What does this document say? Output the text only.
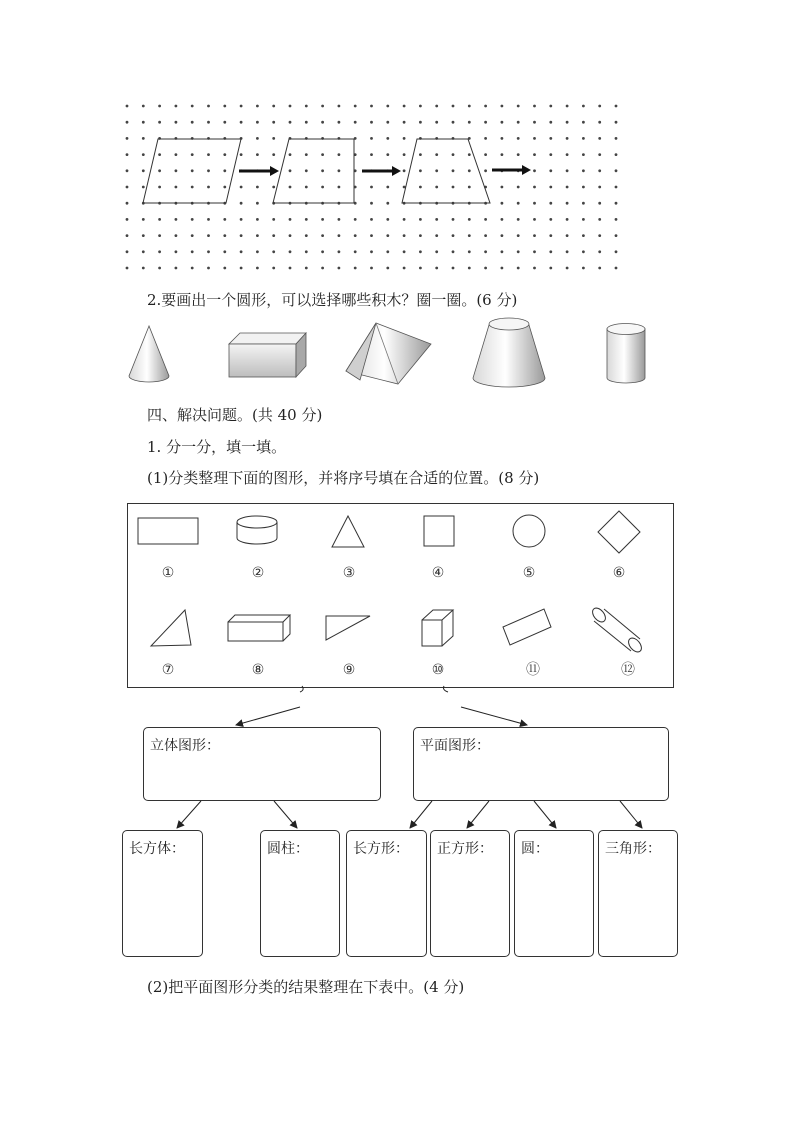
2.要画出一个圆形，可以选择哪些积木？圈一圈。(6 分)
四、解决问题。(共 40 分)
1. 分一分，填一填。
(1)分类整理下面的图形，并将序号填在合适的位置。(8 分)
①	②	③	④	⑤	⑥
⑦	⑧	⑨	⑩	⑪	⑫
立体图形：	平面图形：
长方体：	圆柱：	长方形： 正方形： 圆：	三角形：
(2)把平面图形分类的结果整理在下表中。(4 分)
